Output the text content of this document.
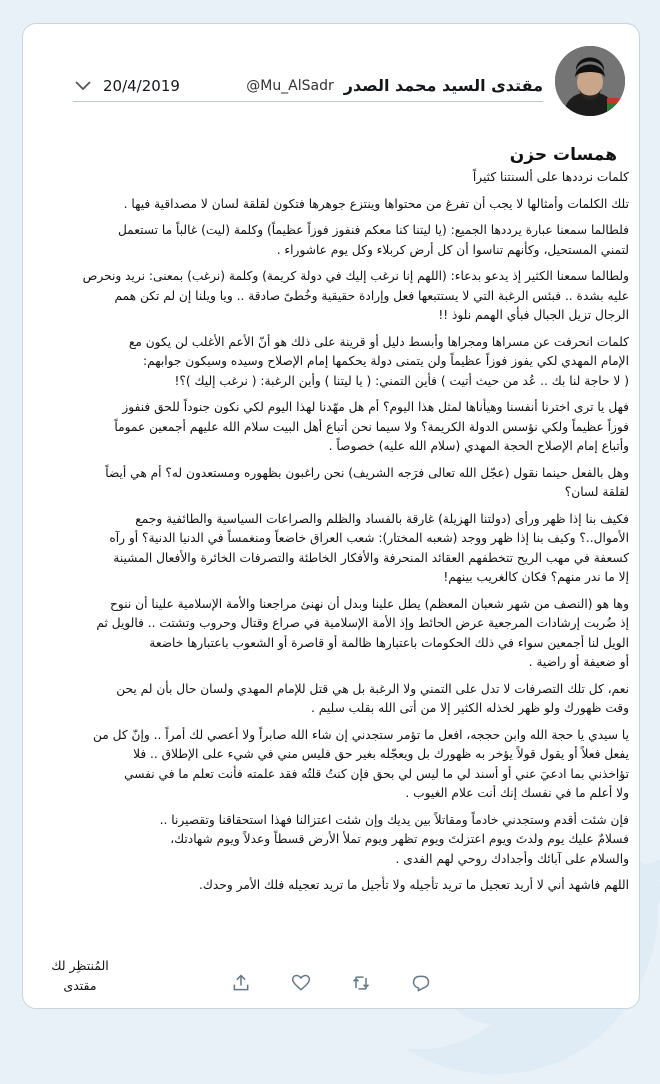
مقتدى السيد محمد الصدر
@Mu_AlSadr
20/4/2019
همسات حزن
كلمات نرددها على ألسنتنا كثيراً
تلك الكلمات وأمثالها لا يجب أن تفرغ من محتواها وينتزع جوهرها فتكون لقلقة لسان لا مصداقية فيها .
فلطالما سمعنا عبارة يرددها الجميع: (يا ليتنا كنا معكم فنفوز فوزاً عظيماً) وكلمة (ليت) غالباً ما تستعمل
لتمني المستحيل، وكأنهم تناسوا أن كل أرض كربلاء وكل يوم عاشوراء .
ولطالما سمعنا الكثير إذ يدعو بدعاء: (اللهم إنا نرغب إليك في دولة كريمة) وكلمة (نرغب) بمعنى: نريد ونحرص
عليه بشدة .. فبئس الرغبة التي لا يستتبعها فعل وإرادة حقيقية وخُطىً صادقة .. ويا ويلنا إن لم تكن همم
الرجال تزيل الجبال فبأي الهمم نلوذ !!
كلمات انحرفت عن مسراها ومجراها وأبسط دليل أو قرينة على ذلك هو أنّ الأعم الأغلب لن يكون مع
الإمام المهدي لكي يفوز فوزاً عظيماً ولن يتمنى دولة يحكمها إمام الإصلاح وسيده وسيكون جوابهم:
( لا حاجة لنا بك .. عُد من حيث أتيت ) فأين التمني: ( يا ليتنا ) وأين الرغبة: ( نرغب إليك )؟!
فهل يا ترى اخترنا أنفسنا وهيأناها لمثل هذا اليوم؟ أم هل مهّدنا لهذا اليوم لكي نكون جنوداً للحق فنفوز
فوزاً عظيماً ولكي نؤسس الدولة الكريمة؟ ولا سيما نحن أتباع أهل البيت سلام الله عليهم أجمعين عموماً
وأتباع إمام الإصلاح الحجة المهدي (سلام الله عليه) خصوصاً .
وهل بالفعل حينما نقول (عجّل الله تعالى فرَجه الشريف) نحن راغبون بظهوره ومستعدون له؟ أم هي أيضاً
لقلقة لسان؟
فكيف بنا إذا ظهر ورأى (دولتنا الهزيلة) غارقة بالفساد والظلم والصراعات السياسية والطائفية وجمع
الأموال..؟ وكيف بنا إذا ظهر ووجد (شعبه المختار): شعب العراق خاضعاً ومنغمساً في الدنيا الدنية؟ أو رآه
كسعفة في مهب الريح تتخطفهم العقائد المنحرفة والأفكار الخاطئة والتصرفات الخائرة والأفعال المشينة
إلا ما ندر منهم؟ فكان كالغريب بينهم!
وها هو (النصف من شهر شعبان المعظم) يطل علينا وبدل أن نهنئ مراجعنا والأمة الإسلامية علينا أن ننوح
إذ ضُربت إرشادات المرجعية عرض الحائط وإذ الأمة الإسلامية في صراع وقتال وحروب وتشتت .. فالويل ثم
الويل لنا أجمعين سواء في ذلك الحكومات باعتبارها ظالمة أو قاصرة أو الشعوب باعتبارها خاضعة
أو ضعيفة أو راضية .
نعم، كل تلك التصرفات لا تدل على التمني ولا الرغبة بل هي قتل للإمام المهدي ولسان حال بأن لم يحن
وقت ظهورك ولو ظهر لخذله الكثير إلا من أتى الله بقلب سليم .
يا سيدي يا حجة الله وابن حججه، افعل ما تؤمر ستجدني إن شاء الله صابراً ولا أعصي لك أمراً .. وإنّ كل من
يفعل فعلاً أو يقول قولاً يؤخر به ظهورك بل ويعجّله بغير حق فليس مني في شيء على الإطلاق .. فلا
تؤاخذني بما ادعيَ عني أو أسند لي ما ليس لي بحق فإن كنتُ قلتُه فقد علمته فأنت تعلم ما في نفسي
ولا أعلم ما في نفسك إنك أنت علام الغيوب .
فإن شئت أقدم وستجدني خادماً ومقاتلاً بين يديك وإن شئت اعتزالنا فهذا استحقاقنا وتقصيرنا ..
فسلامٌ عليك يوم ولدتَ ويوم اعتزلتَ ويوم تظهر ويوم تملأ الأرض قسطاً وعدلاً ويوم شهادتك،
والسلام على آبائك وأجدادك روحي لهم الفدى .
اللهم فاشهد أني لا أريد تعجيل ما تريد تأجيله ولا تأجيل ما تريد تعجيله فلك الأمر وحدك.
المُنتظِر لك
مقتدى
